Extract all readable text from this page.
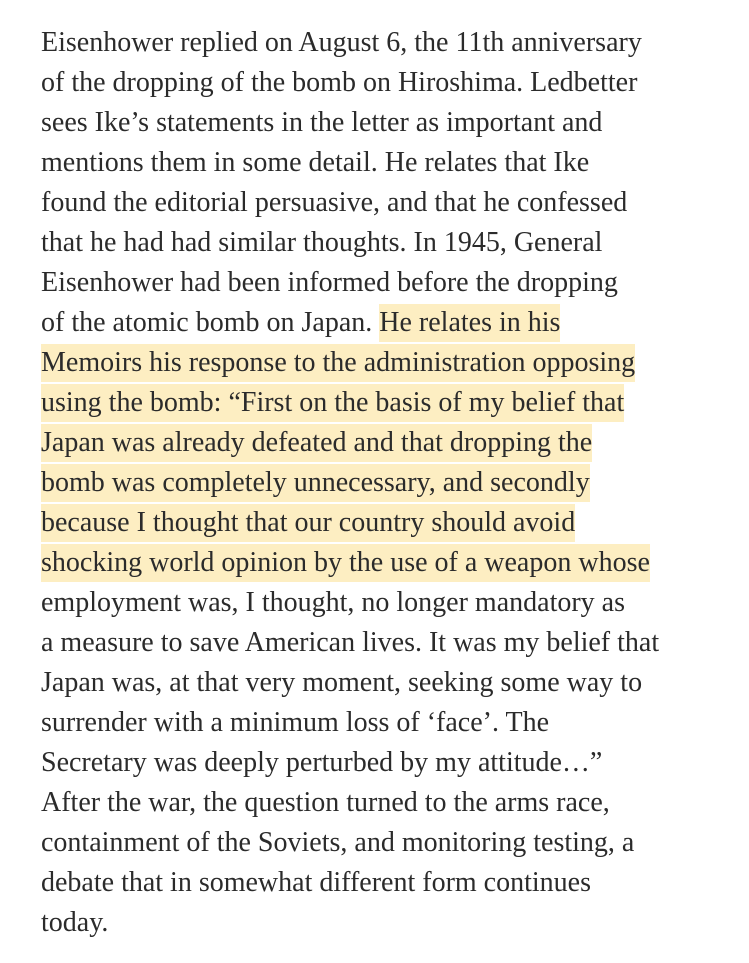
Eisenhower replied on August 6, the 11th anniversary
of the dropping of the bomb on Hiroshima. Ledbetter
sees Ike’s statements in the letter as important and
mentions them in some detail. He relates that Ike
found the editorial persuasive, and that he confessed
that he had had similar thoughts. In 1945, General
Eisenhower had been informed before the dropping
of the atomic bomb on Japan. He relates in his
Memoirs his response to the administration opposing
using the bomb: “First on the basis of my belief that
Japan was already defeated and that dropping the
bomb was completely unnecessary, and secondly
because I thought that our country should avoid
shocking world opinion by the use of a weapon whose
employment was, I thought, no longer mandatory as
a measure to save American lives. It was my belief that
Japan was, at that very moment, seeking some way to
surrender with a minimum loss of ‘face’. The
Secretary was deeply perturbed by my attitude…”
After the war, the question turned to the arms race,
containment of the Soviets, and monitoring testing, a
debate that in somewhat different form continues
today.
